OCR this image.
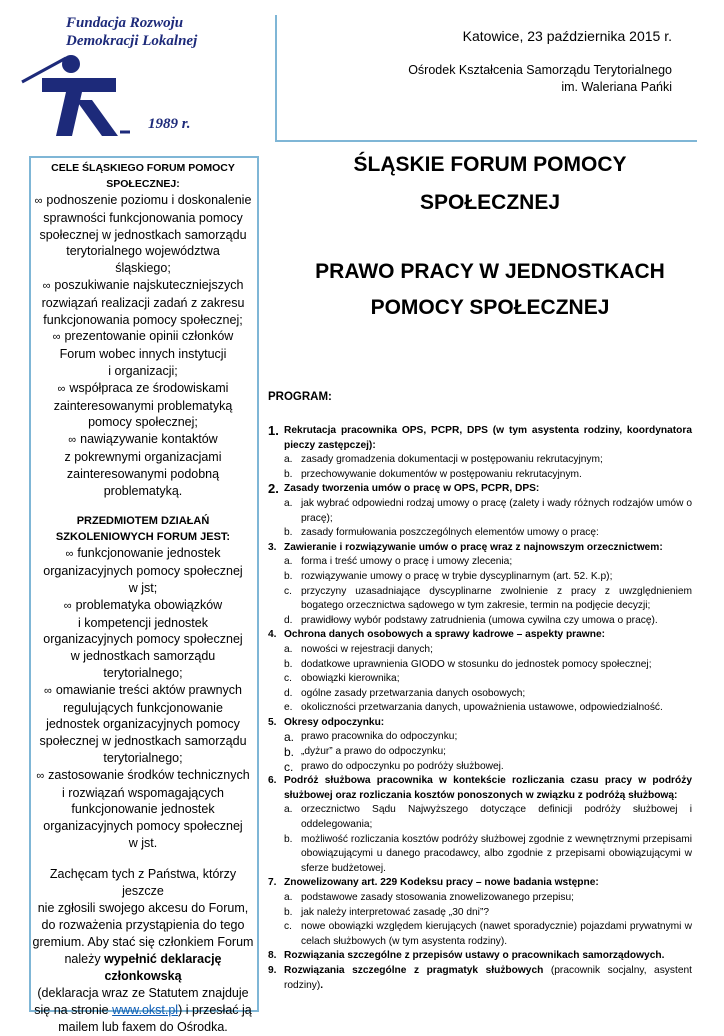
Fundacja Rozwoju
Demokracji Lokalnej
1989 r.
Katowice, 23 października 2015 r.
Ośrodek Kształcenia Samorządu Terytorialnego
im. Waleriana Pańki
CELE ŚLĄSKIEGO FORUM POMOCY
SPOŁECZNEJ:
∞ podnoszenie poziomu i doskonalenie
sprawności funkcjonowania pomocy
społecznej w jednostkach samorządu
terytorialnego województwa
śląskiego;
∞ poszukiwanie najskuteczniejszych
rozwiązań realizacji zadań z zakresu
funkcjonowania pomocy społecznej;
∞ prezentowanie opinii członków
Forum wobec innych instytucji
i organizacji;
∞ współpraca ze środowiskami
zainteresowanymi problematyką
pomocy społecznej;
∞ nawiązywanie kontaktów
z pokrewnymi organizacjami
zainteresowanymi podobną
problematyką.
PRZEDMIOTEM DZIAŁAŃ
SZKOLENIOWYCH FORUM JEST:
∞ funkcjonowanie jednostek
organizacyjnych pomocy społecznej
w jst;
∞ problematyka obowiązków
i kompetencji jednostek
organizacyjnych pomocy społecznej
w jednostkach samorządu
terytorialnego;
∞ omawianie treści aktów prawnych
regulujących funkcjonowanie
jednostek organizacyjnych pomocy
społecznej w jednostkach samorządu
terytorialnego;
∞ zastosowanie środków technicznych
i rozwiązań wspomagających
funkcjonowanie jednostek
organizacyjnych pomocy społecznej
w jst.
Zachęcam tych z Państwa, którzy jeszcze
nie zgłosili swojego akcesu do Forum,
do rozważenia przystąpienia do tego
gremium. Aby stać się członkiem Forum
należy wypełnić deklarację członkowską
(deklaracja wraz ze Statutem znajduje
się na stronie www.okst.pl) i przesłać ją
mailem lub faxem do Ośrodka.
ŚLĄSKIE FORUM POMOCY
SPOŁECZNEJ
PRAWO PRACY W JEDNOSTKACH
POMOCY SPOŁECZNEJ
PROGRAM:
1. Rekrutacja pracownika OPS, PCPR, DPS (w tym asystenta rodziny, koordynatora pieczy zastępczej):
a. zasady gromadzenia dokumentacji w postępowaniu rekrutacyjnym;
b. przechowywanie dokumentów w postępowaniu rekrutacyjnym.
2. Zasady tworzenia umów o pracę w OPS, PCPR, DPS:
a. jak wybrać odpowiedni rodzaj umowy o pracę (zalety i wady różnych rodzajów umów o pracę);
b. zasady formułowania poszczególnych elementów umowy o pracę:
3. Zawieranie i rozwiązywanie umów o pracę wraz z najnowszym orzecznictwem:
a. forma i treść umowy o pracę i umowy zlecenia;
b. rozwiązywanie umowy o pracę w trybie dyscyplinarnym (art. 52. K.p);
c. przyczyny uzasadniające dyscyplinarne zwolnienie z pracy z uwzględnieniem bogatego orzecznictwa sądowego w tym zakresie, termin na podjęcie decyzji;
d. prawidłowy wybór podstawy zatrudnienia (umowa cywilna czy umowa o pracę).
4. Ochrona danych osobowych a sprawy kadrowe – aspekty prawne:
a. nowości w rejestracji danych;
b. dodatkowe uprawnienia GIODO w stosunku do jednostek pomocy społecznej;
c. obowiązki kierownika;
d. ogólne zasady przetwarzania danych osobowych;
e. okoliczności przetwarzania danych, upoważnienia ustawowe, odpowiedzialność.
5. Okresy odpoczynku:
a. prawo pracownika do odpoczynku;
b. „dyżur” a prawo do odpoczynku;
c. prawo do odpoczynku po podróży służbowej.
6. Podróż służbowa pracownika w kontekście rozliczania czasu pracy w podróży służbowej oraz rozliczania kosztów ponoszonych w związku z podróżą służbową:
a. orzecznictwo Sądu Najwyższego dotyczące definicji podróży służbowej i oddelegowania;
b. możliwość rozliczania kosztów podróży służbowej zgodnie z wewnętrznymi przepisami obowiązującymi u danego pracodawcy, albo zgodnie z przepisami obowiązującymi w sferze budżetowej.
7. Znowelizowany art. 229 Kodeksu pracy – nowe badania wstępne:
a. podstawowe zasady stosowania znowelizowanego przepisu;
b. jak należy interpretować zasadę „30 dni”?
c. nowe obowiązki względem kierujących (nawet sporadycznie) pojazdami prywatnymi w celach służbowych (w tym asystenta rodziny).
8. Rozwiązania szczególne z przepisów ustawy o pracownikach samorządowych.
9. Rozwiązania szczególne z pragmatyk służbowych (pracownik socjalny, asystent rodziny).
